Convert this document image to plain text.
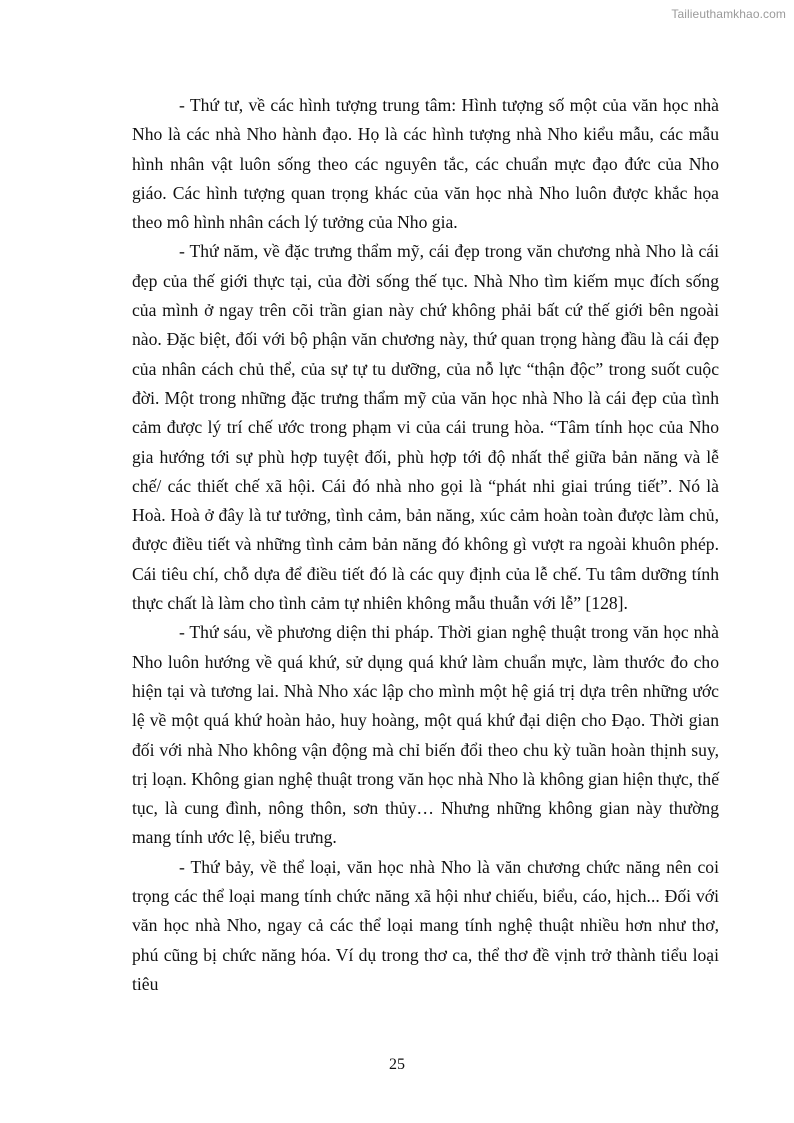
Tailieuthamkhao.com

- Thứ tư, về các hình tượng trung tâm: Hình tượng số một của văn học nhà Nho là các nhà Nho hành đạo. Họ là các hình tượng nhà Nho kiểu mẫu, các mẫu hình nhân vật luôn sống theo các nguyên tắc, các chuẩn mực đạo đức của Nho giáo. Các hình tượng quan trọng khác của văn học nhà Nho luôn được khắc họa theo mô hình nhân cách lý tưởng của Nho gia.

- Thứ năm, về đặc trưng thẩm mỹ, cái đẹp trong văn chương nhà Nho là cái đẹp của thế giới thực tại, của đời sống thế tục. Nhà Nho tìm kiếm mục đích sống của mình ở ngay trên cõi trần gian này chứ không phải bất cứ thế giới bên ngoài nào. Đặc biệt, đối với bộ phận văn chương này, thứ quan trọng hàng đầu là cái đẹp của nhân cách chủ thể, của sự tự tu dưỡng, của nỗ lực “thận độc” trong suốt cuộc đời. Một trong những đặc trưng thẩm mỹ của văn học nhà Nho là cái đẹp của tình cảm được lý trí chế ước trong phạm vi của cái trung hòa. “Tâm tính học của Nho gia hướng tới sự phù hợp tuyệt đối, phù hợp tới độ nhất thể giữa bản năng và lễ chế/ các thiết chế xã hội. Cái đó nhà nho gọi là “phát nhi giai trúng tiết”. Nó là Hoà. Hoà ở đây là tư tưởng, tình cảm, bản năng, xúc cảm hoàn toàn được làm chủ, được điều tiết và những tình cảm bản năng đó không gì vượt ra ngoài khuôn phép. Cái tiêu chí, chỗ dựa để điều tiết đó là các quy định của lễ chế. Tu tâm dưỡng tính thực chất là làm cho tình cảm tự nhiên không mẫu thuẫn với lễ” [128].

- Thứ sáu, về phương diện thi pháp. Thời gian nghệ thuật trong văn học nhà Nho luôn hướng về quá khứ, sử dụng quá khứ làm chuẩn mực, làm thước đo cho hiện tại và tương lai. Nhà Nho xác lập cho mình một hệ giá trị dựa trên những ước lệ về một quá khứ hoàn hảo, huy hoàng, một quá khứ đại diện cho Đạo. Thời gian đối với nhà Nho không vận động mà chỉ biến đổi theo chu kỳ tuần hoàn thịnh suy, trị loạn. Không gian nghệ thuật trong văn học nhà Nho là không gian hiện thực, thế tục, là cung đình, nông thôn, sơn thủy… Nhưng những không gian này thường mang tính ước lệ, biểu trưng.

- Thứ bảy, về thể loại, văn học nhà Nho là văn chương chức năng nên coi trọng các thể loại mang tính chức năng xã hội như chiếu, biểu, cáo, hịch... Đối với văn học nhà Nho, ngay cả các thể loại mang tính nghệ thuật nhiều hơn như thơ, phú cũng bị chức năng hóa. Ví dụ trong thơ ca, thể thơ đề vịnh trở thành tiểu loại tiêu

25
